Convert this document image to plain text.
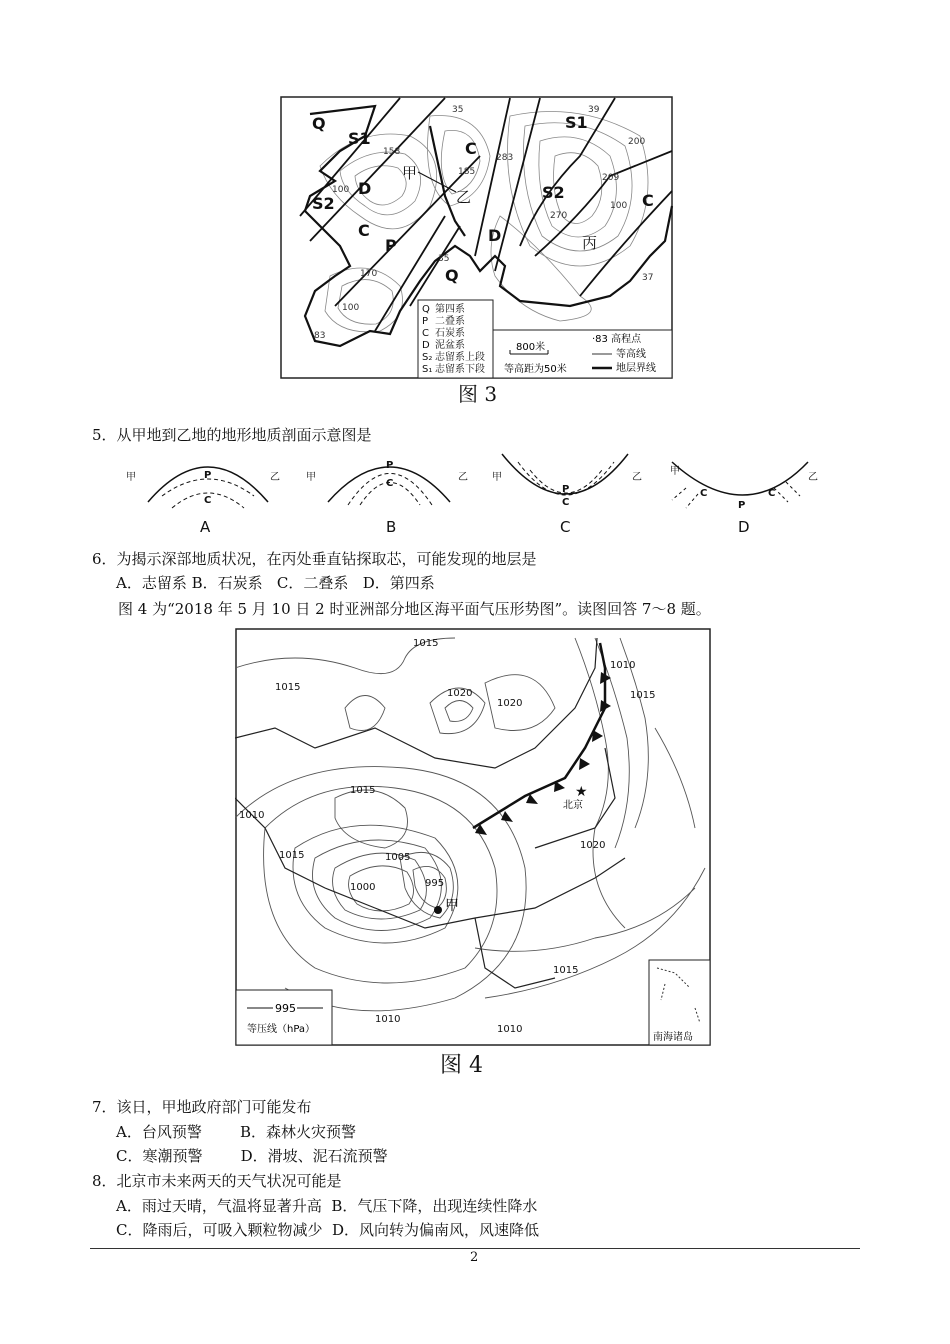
Q
S1
S2
D
C
P
Q
C
D
S2
S1
C
甲
乙
丙
35
158
185
283
39
209
270
35
170
100
83
37
100
200
100
Q 第四系
P 二叠系
C 石炭系
D 泥盆系
S₂ 志留系上段
S₁ 志留系下段
800米
等高距为50米
·83 高程点
等高线
地层界线
图 3
5．从甲地到乙地的地形地质剖面示意图是
甲	乙
P
C
A
甲	乙
P
C
B
甲	乙
P
C
C
甲
乙
C
P
C
D
6．为揭示深部地质状况，在丙处垂直钻探取芯，可能发现的地层是
A．志留系 B．石炭系   C．二叠系   D．第四系
图 4 为“2018 年 5 月 10 日 2 时亚洲部分地区海平面气压形势图”。读图回答 7～8 题。
1015
1015
1020
1020
1010
1015
1015
1010
1015	1005
1000	995
1020
1015
1010
1010
甲
★
北京
995
等压线（hPa）
南海诸岛
图 4
7．该日，甲地政府部门可能发布
A．台风预警        B．森林火灾预警
C．寒潮预警        D．滑坡、泥石流预警
8．北京市未来两天的天气状况可能是
A．雨过天晴，气温将显著升高  B．气压下降，出现连续性降水
C．降雨后，可吸入颗粒物减少  D．风向转为偏南风，风速降低
2
